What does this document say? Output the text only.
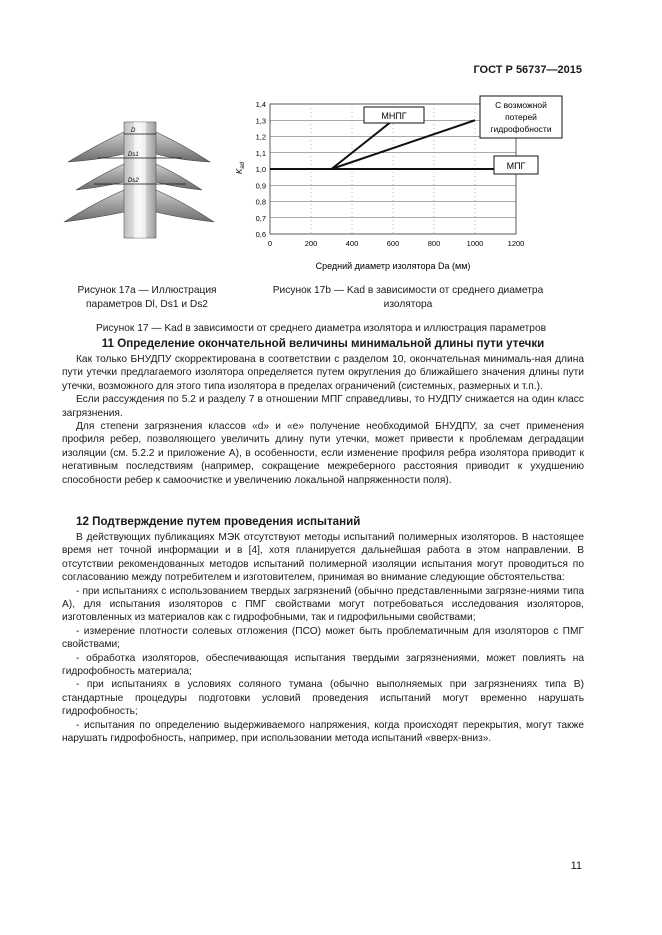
ГОСТ Р 56737—2015
D
Ds1
Ds2
0,6
0,7
0,8
0,9
1,0
1,1
1,2
1,3
1,4
0	200	400	600	800	1000	1200
$K_{ad}$
Средний диаметр изолятора Da (мм)
МНПГ
С возможной
потерей
гидрофобности
МПГ
Рисунок 17а — Иллюстрация
параметров Dl, Ds1 и Ds2
Рисунок 17b — Kad в зависимости от среднего диаметра
изолятора
Рисунок 17 — Kad в зависимости от среднего диаметра изолятора и иллюстрация параметров
11 Определение окончательной величины минимальной длины пути утечки

Как только БНУДПУ скорректирована в соответствии с разделом 10, окончательная минималь-ная длина пути утечки предлагаемого изолятора определяется путем округления до ближайшего значения длины пути утечки, возможного для этого типа изолятора в пределах ограничений (системных, размерных и т.п.).

Если рассуждения по 5.2 и разделу 7 в отношении МПГ справедливы, то НУДПУ снижается на один класс загрязнения.

Для степени загрязнения классов «d» и «е» получение необходимой БНУДПУ, за счет применения профиля ребер, позволяющего увеличить длину пути утечки, может привести к проблемам деградации изоляции (см. 5.2.2 и приложение А), в особенности, если изменение профиля ребра изолятора приводит к негативным последствиям (например, сокращение межреберного расстояния приводит к ухудшению способности ребер к самоочистке и увеличению локальной напряженности поля).

12 Подтверждение путем проведения испытаний

В действующих публикациях МЭК отсутствуют методы испытаний полимерных изоляторов. В настоящее время нет точной информации и в [4], хотя планируется дальнейшая работа в этом направлении. В отсутствии рекомендованных методов испытаний полимерной изоляции испытания могут проводиться по согласованию между потребителем и изготовителем, принимая во внимание следующие обстоятельства:

- при испытаниях с использованием твердых загрязнений (обычно представленными загрязне-ниями типа А), для испытания изоляторов с ПМГ свойствами могут потребоваться исследования изоляторов, изготовленных из материалов как с гидрофобными, так и гидрофильными свойствами;

- измерение плотности солевых отложения (ПСО) может быть проблематичным для изоляторов с ПМГ свойствами;

- обработка изоляторов, обеспечивающая испытания твердыми загрязнениями, может повлиять на гидрофобность материала;

- при испытаниях в условиях соляного тумана (обычно выполняемых при загрязнениях типа В) стандартные процедуры подготовки условий проведения испытаний могут временно нарушать гидрофобность;

- испытания по определению выдерживаемого напряжения, когда происходят перекрытия, могут также нарушать гидрофобность, например, при использовании метода испытаний «вверх-вниз».

11
